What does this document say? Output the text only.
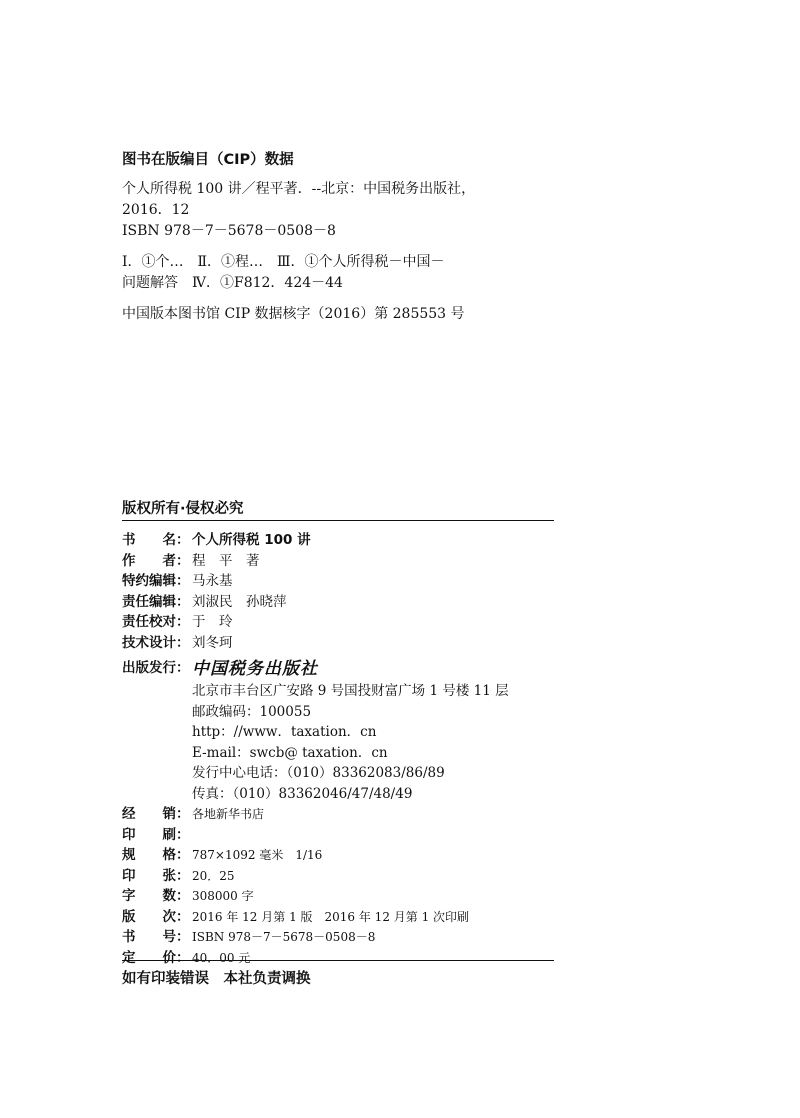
图书在版编目（CIP）数据
个人所得税 100 讲／程平著．--北京：中国税务出版社，
2016．12
ISBN 978－7－5678－0508－8
Ⅰ．①个…　Ⅱ．①程…　Ⅲ．①个人所得税－中国－
问题解答　Ⅳ．①F812．424－44
中国版本图书馆 CIP 数据核字（2016）第 285553 号
版权所有·侵权必究
书　　名： 个人所得税 100 讲
作　　者： 程　平　著
特约编辑： 马永基
责任编辑： 刘淑民　孙晓萍
责任校对： 于　玲
技术设计： 刘冬珂
出版发行： 中国税务出版社
北京市丰台区广安路 9 号国投财富广场 1 号楼 11 层
邮政编码：100055
http：//www．taxation．cn
E-mail：swcb@ taxation．cn
发行中心电话：（010）83362083/86/89
传真：（010）83362046/47/48/49
经　　销： 各地新华书店
印　　刷：
规　　格： 787×1092 毫米　1/16
印　　张： 20．25
字　　数： 308000 字
版　　次： 2016 年 12 月第 1 版　2016 年 12 月第 1 次印刷
书　　号： ISBN 978－7－5678－0508－8
定　　价： 40．00 元
如有印装错误　本社负责调换
